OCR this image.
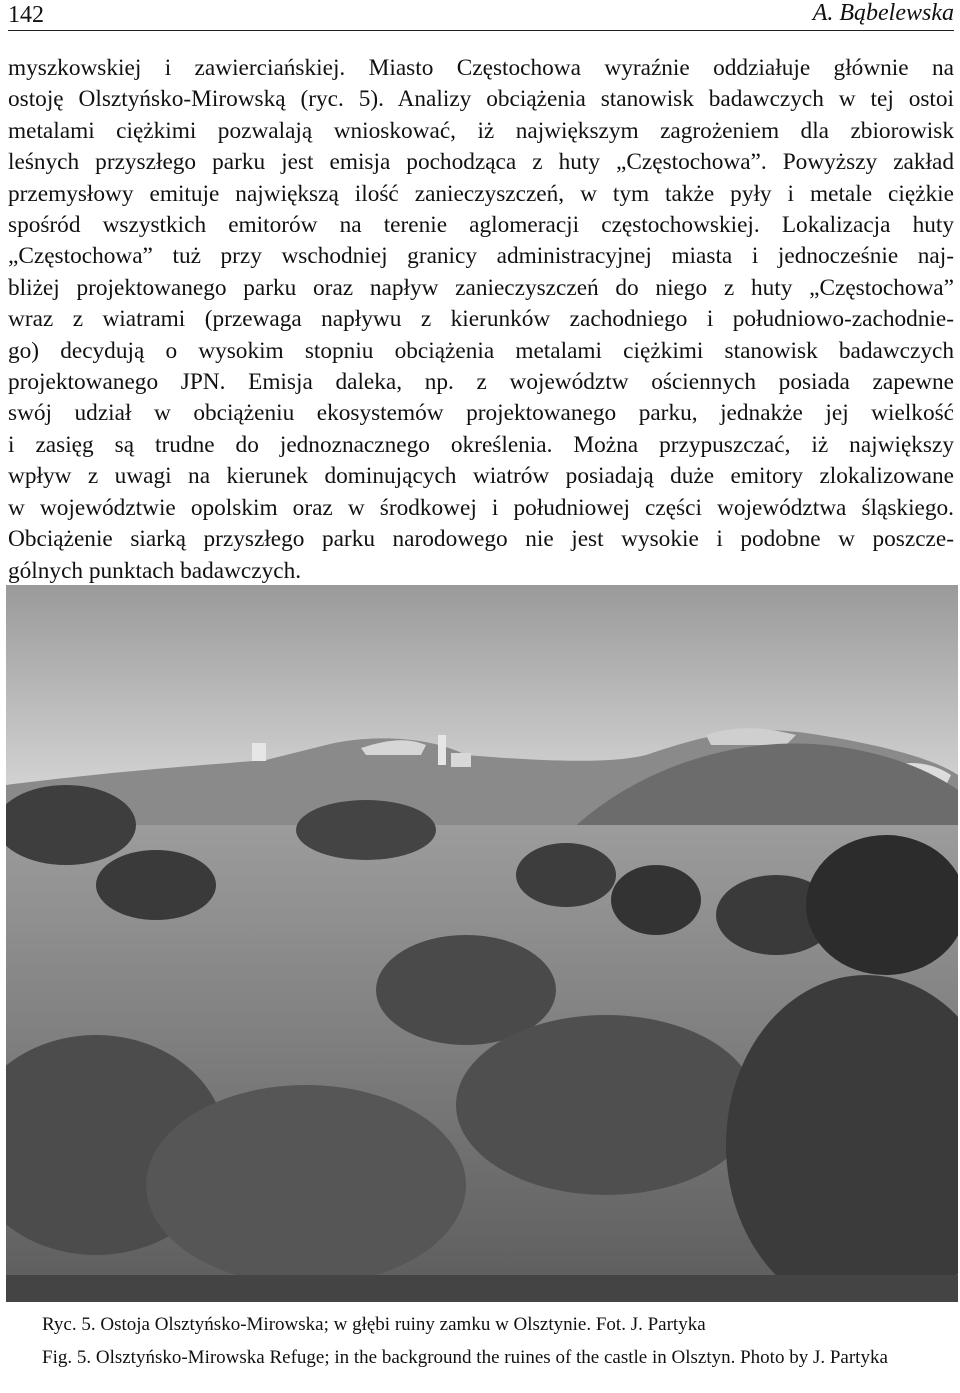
142	A. Bąbelewska
myszkowskiej i zawierciańskiej. Miasto Częstochowa wyraźnie oddziałuje głównie na
ostoję Olsztyńsko-Mirowską (ryc. 5). Analizy obciążenia stanowisk badawczych w tej ostoi
metalami ciężkimi pozwalają wnioskować, iż największym zagrożeniem dla zbiorowisk
leśnych przyszłego parku jest emisja pochodząca z huty „Częstochowa”. Powyższy zakład
przemysłowy emituje największą ilość zanieczyszczeń, w tym także pyły i metale ciężkie
spośród wszystkich emitorów na terenie aglomeracji częstochowskiej. Lokalizacja huty
„Częstochowa” tuż przy wschodniej granicy administracyjnej miasta i jednocześnie naj-
bliżej projektowanego parku oraz napływ zanieczyszczeń do niego z huty „Częstochowa”
wraz z wiatrami (przewaga napływu z kierunków zachodniego i południowo-zachodnie-
go) decydują o wysokim stopniu obciążenia metalami ciężkimi stanowisk badawczych
projektowanego JPN. Emisja daleka, np. z województw ościennych posiada zapewne
swój udział w obciążeniu ekosystemów projektowanego parku, jednakże jej wielkość
i zasięg są trudne do jednoznacznego określenia. Można przypuszczać, iż największy
wpływ z uwagi na kierunek dominujących wiatrów posiadają duże emitory zlokalizowane
w województwie opolskim oraz w środkowej i południowej części województwa śląskiego.
Obciążenie siarką przyszłego parku narodowego nie jest wysokie i podobne w poszcze-
gólnych punktach badawczych.
Ryc. 5. Ostoja Olsztyńsko-Mirowska; w głębi ruiny zamku w Olsztynie. Fot. J. Partyka
Fig. 5. Olsztyńsko-Mirowska Refuge; in the background the ruines of the castle in Olsztyn. Photo by J. Partyka
